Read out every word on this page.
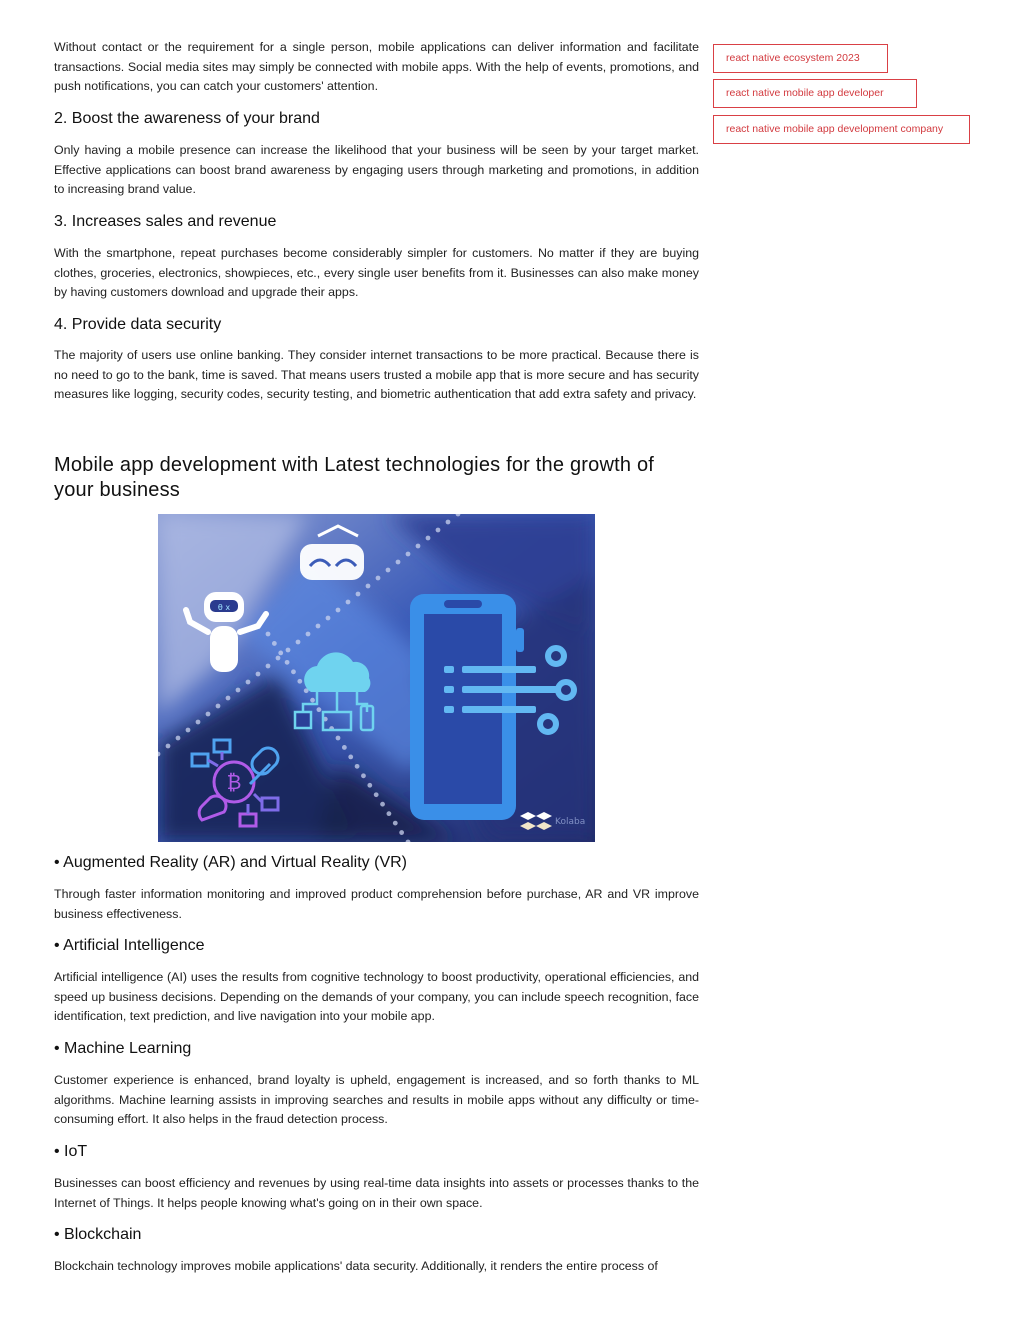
Without contact or the requirement for a single person, mobile applications can deliver information and facilitate transactions. Social media sites may simply be connected with mobile apps. With the help of events, promotions, and push notifications, you can catch your customers' attention.

2. Boost the awareness of your brand

Only having a mobile presence can increase the likelihood that your business will be seen by your target market. Effective applications can boost brand awareness by engaging users through marketing and promotions, in addition to increasing brand value.

3. Increases sales and revenue

With the smartphone, repeat purchases become considerably simpler for customers. No matter if they are buying clothes, groceries, electronics, showpieces, etc., every single user benefits from it. Businesses can also make money by having customers download and upgrade their apps.

4. Provide data security

The majority of users use online banking. They consider internet transactions to be more practical. Because there is no need to go to the bank, time is saved. That means users trusted a mobile app that is more secure and has security measures like logging, security codes, security testing, and biometric authentication that add extra safety and privacy.

Mobile app development with Latest technologies for the growth of your business
θ x
₿
Kolaba
• Augmented Reality (AR) and Virtual Reality (VR)

Through faster information monitoring and improved product comprehension before purchase, AR and VR improve business effectiveness.

• Artificial Intelligence

Artificial intelligence (AI) uses the results from cognitive technology to boost productivity, operational efficiencies, and speed up business decisions. Depending on the demands of your company, you can include speech recognition, face identification, text prediction, and live navigation into your mobile app.

• Machine Learning

Customer experience is enhanced, brand loyalty is upheld, engagement is increased, and so forth thanks to ML algorithms. Machine learning assists in improving searches and results in mobile apps without any difficulty or time-consuming effort. It also helps in the fraud detection process.

• IoT

Businesses can boost efficiency and revenues by using real-time data insights into assets or processes thanks to the Internet of Things. It helps people knowing what's going on in their own space.

• Blockchain

Blockchain technology improves mobile applications' data security. Additionally, it renders the entire process of

react native ecosystem 2023
react native mobile app developer
react native mobile app development company
